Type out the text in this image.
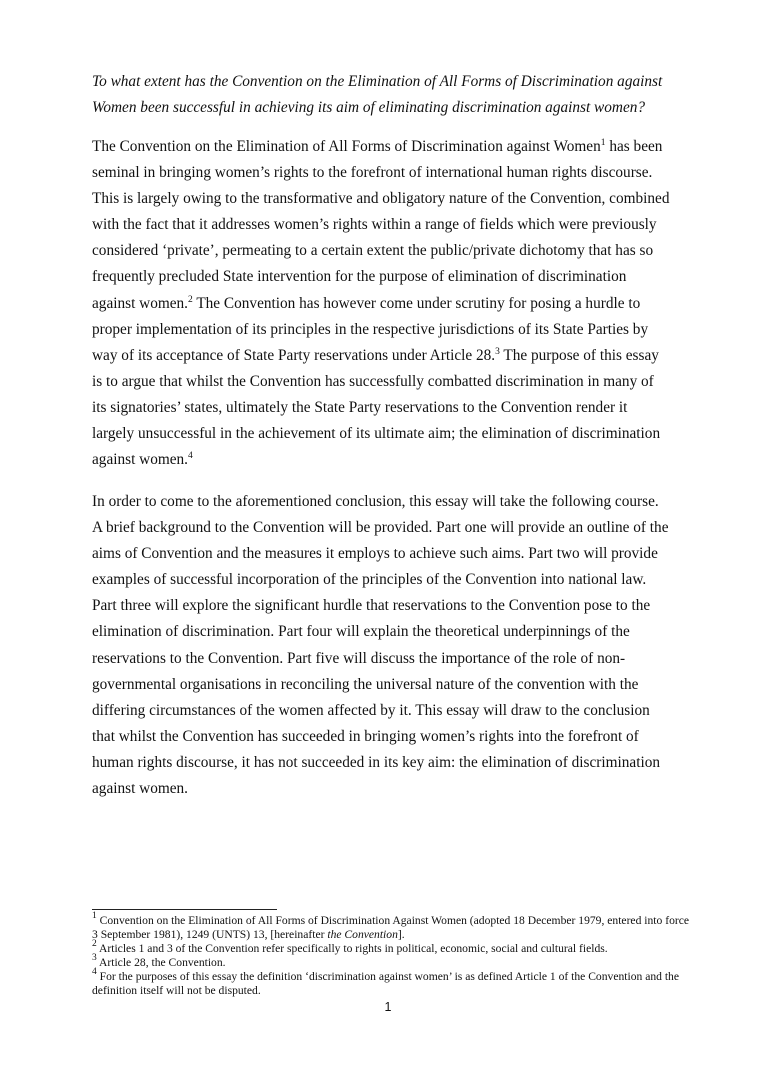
To what extent has the Convention on the Elimination of All Forms of Discrimination against
Women been successful in achieving its aim of eliminating discrimination against women?
The Convention on the Elimination of All Forms of Discrimination against Women$^1$ has been
seminal in bringing women’s rights to the forefront of international human rights discourse.
This is largely owing to the transformative and obligatory nature of the Convention, combined
with the fact that it addresses women’s rights within a range of fields which were previously
considered ‘private’, permeating to a certain extent the public/private dichotomy that has so
frequently precluded State intervention for the purpose of elimination of discrimination
against women.$^2$ The Convention has however come under scrutiny for posing a hurdle to
proper implementation of its principles in the respective jurisdictions of its State Parties by
way of its acceptance of State Party reservations under Article 28.$^3$ The purpose of this essay
is to argue that whilst the Convention has successfully combatted discrimination in many of
its signatories’ states, ultimately the State Party reservations to the Convention render it
largely unsuccessful in the achievement of its ultimate aim; the elimination of discrimination
against women.$^4$
In order to come to the aforementioned conclusion, this essay will take the following course.
A brief background to the Convention will be provided. Part one will provide an outline of the
aims of Convention and the measures it employs to achieve such aims. Part two will provide
examples of successful incorporation of the principles of the Convention into national law.
Part three will explore the significant hurdle that reservations to the Convention pose to the
elimination of discrimination. Part four will explain the theoretical underpinnings of the
reservations to the Convention. Part five will discuss the importance of the role of non-
governmental organisations in reconciling the universal nature of the convention with the
differing circumstances of the women affected by it. This essay will draw to the conclusion
that whilst the Convention has succeeded in bringing women’s rights into the forefront of
human rights discourse, it has not succeeded in its key aim: the elimination of discrimination
against women.

$^1$ Convention on the Elimination of All Forms of Discrimination Against Women (adopted 18 December 1979, entered into force 3 September 1981), 1249 (UNTS) 13, [hereinafter the Convention].

$^2$ Articles 1 and 3 of the Convention refer specifically to rights in political, economic, social and cultural fields.

$^3$ Article 28, the Convention.

$^4$ For the purposes of this essay the definition ‘discrimination against women’ is as defined Article 1 of the Convention and the definition itself will not be disputed.

1
